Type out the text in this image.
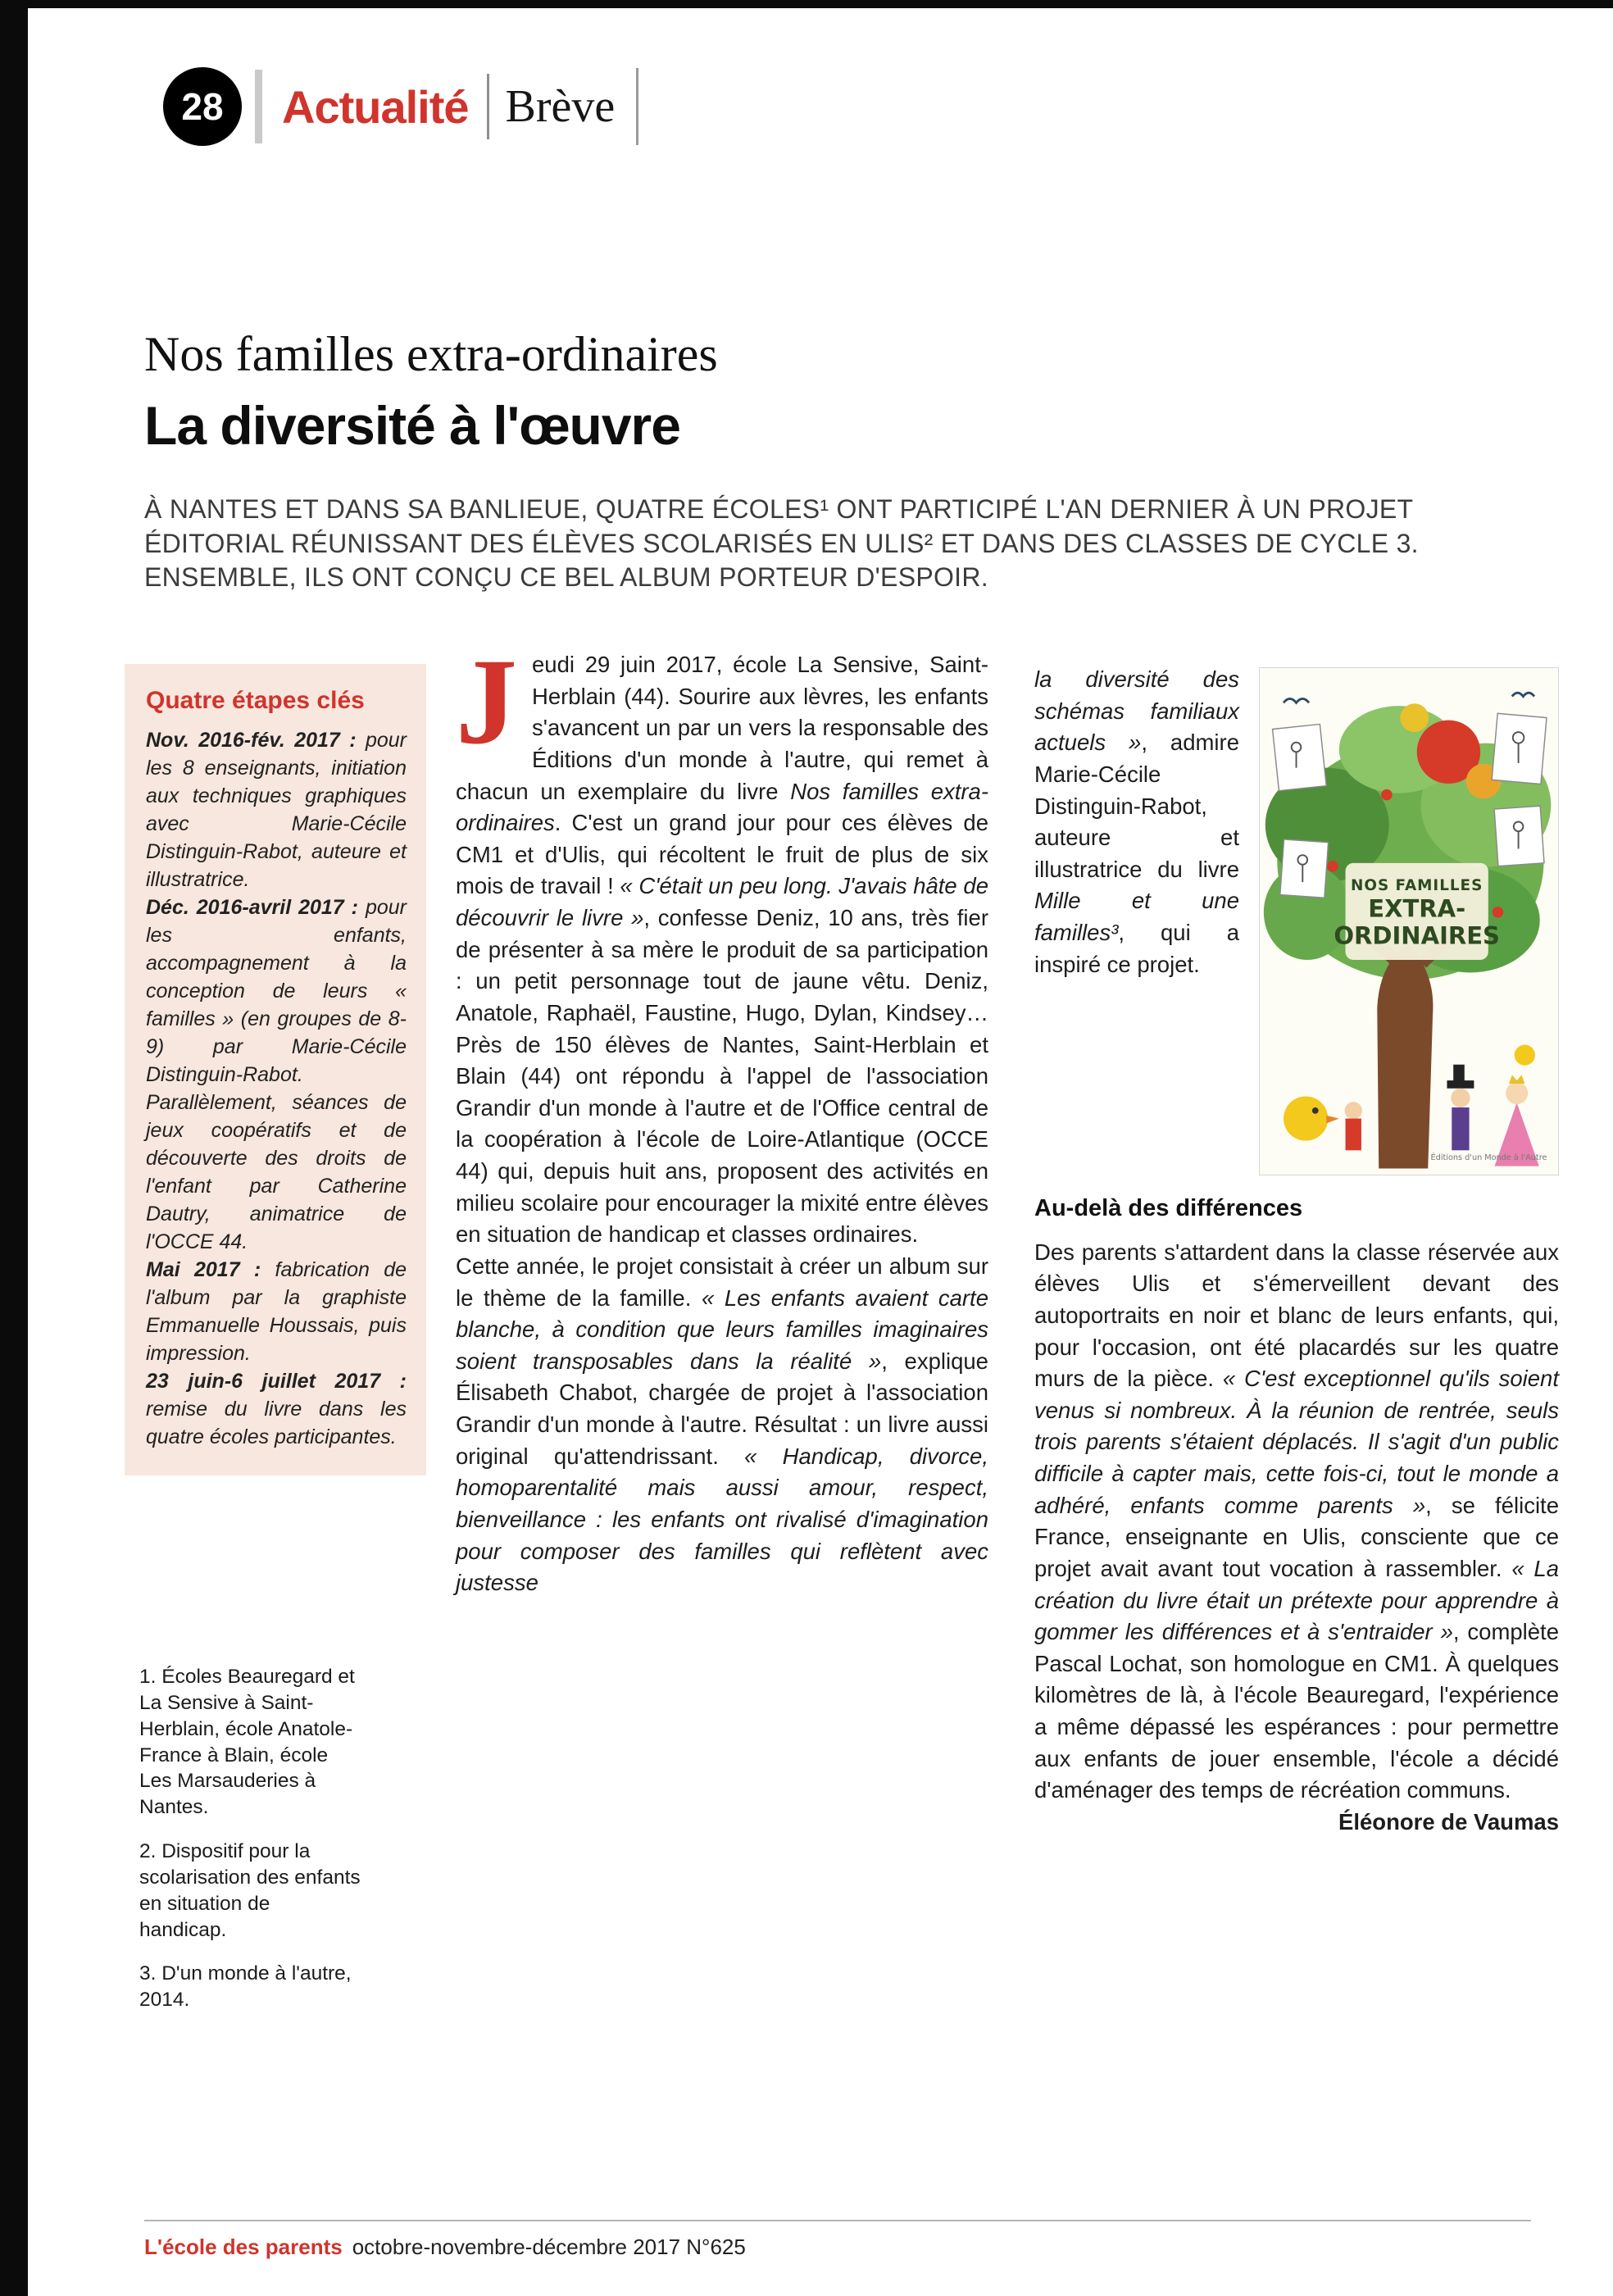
28 Actualité Brève
Nos familles extra-ordinaires
La diversité à l'œuvre
À NANTES ET DANS SA BANLIEUE, QUATRE ÉCOLES¹ ONT PARTICIPÉ L'AN DERNIER À UN PROJET ÉDITORIAL RÉUNISSANT DES ÉLÈVES SCOLARISÉS EN ULIS² ET DANS DES CLASSES DE CYCLE 3. ENSEMBLE, ILS ONT CONÇU CE BEL ALBUM PORTEUR D'ESPOIR.
Quatre étapes clés

Nov. 2016-fév. 2017 : pour les 8 enseignants, initiation aux techniques graphiques avec Marie-Cécile Distinguin-Rabot, auteure et illustratrice.

Déc. 2016-avril 2017 : pour les enfants, accompagnement à la conception de leurs « familles » (en groupes de 8-9) par Marie-Cécile Distinguin-Rabot. Parallèlement, séances de jeux coopératifs et de découverte des droits de l'enfant par Catherine Dautry, animatrice de l'OCCE 44.

Mai 2017 : fabrication de l'album par la graphiste Emmanuelle Houssais, puis impression.

23 juin-6 juillet 2017 : remise du livre dans les quatre écoles participantes.

1. Écoles Beauregard et La Sensive à Saint-Herblain, école Anatole-France à Blain, école Les Marsauderies à Nantes.

2. Dispositif pour la scolarisation des enfants en situation de handicap.

3. D'un monde à l'autre, 2014.

Jeudi 29 juin 2017, école La Sensive, Saint-Herblain (44). Sourire aux lèvres, les enfants s'avancent un par un vers la responsable des Éditions d'un monde à l'autre, qui remet à chacun un exemplaire du livre Nos familles extra-ordinaires. C'est un grand jour pour ces élèves de CM1 et d'Ulis, qui récoltent le fruit de plus de six mois de travail ! « C'était un peu long. J'avais hâte de découvrir le livre », confesse Deniz, 10 ans, très fier de présenter à sa mère le produit de sa participation : un petit personnage tout de jaune vêtu. Deniz, Anatole, Raphaël, Faustine, Hugo, Dylan, Kindsey… Près de 150 élèves de Nantes, Saint-Herblain et Blain (44) ont répondu à l'appel de l'association Grandir d'un monde à l'autre et de l'Office central de la coopération à l'école de Loire-Atlantique (OCCE 44) qui, depuis huit ans, proposent des activités en milieu scolaire pour encourager la mixité entre élèves en situation de handicap et classes ordinaires.

Cette année, le projet consistait à créer un album sur le thème de la famille. « Les enfants avaient carte blanche, à condition que leurs familles imaginaires soient transposables dans la réalité », explique Élisabeth Chabot, chargée de projet à l'association Grandir d'un monde à l'autre. Résultat : un livre aussi original qu'attendrissant. « Handicap, divorce, homoparentalité mais aussi amour, respect, bienveillance : les enfants ont rivalisé d'imagination pour composer des familles qui reflètent avec justesse

NOS FAMILLES
EXTRA-
ORDINAIRES
Éditions d'un Monde à l'Autre

la diversité des schémas familiaux actuels », admire Marie-Cécile Distinguin-Rabot, auteure et illustratrice du livre Mille et une familles³, qui a inspiré ce projet.

Au-delà des différences

Des parents s'attardent dans la classe réservée aux élèves Ulis et s'émerveillent devant des autoportraits en noir et blanc de leurs enfants, qui, pour l'occasion, ont été placardés sur les quatre murs de la pièce. « C'est exceptionnel qu'ils soient venus si nombreux. À la réunion de rentrée, seuls trois parents s'étaient déplacés. Il s'agit d'un public difficile à capter mais, cette fois-ci, tout le monde a adhéré, enfants comme parents », se félicite France, enseignante en Ulis, consciente que ce projet avait avant tout vocation à rassembler. « La création du livre était un prétexte pour apprendre à gommer les différences et à s'entraider », complète Pascal Lochat, son homologue en CM1. À quelques kilomètres de là, à l'école Beauregard, l'expérience a même dépassé les espérances : pour permettre aux enfants de jouer ensemble, l'école a décidé d'aménager des temps de récréation communs.
Éléonore de Vaumas

L'école des parents octobre-novembre-décembre 2017 N°625
